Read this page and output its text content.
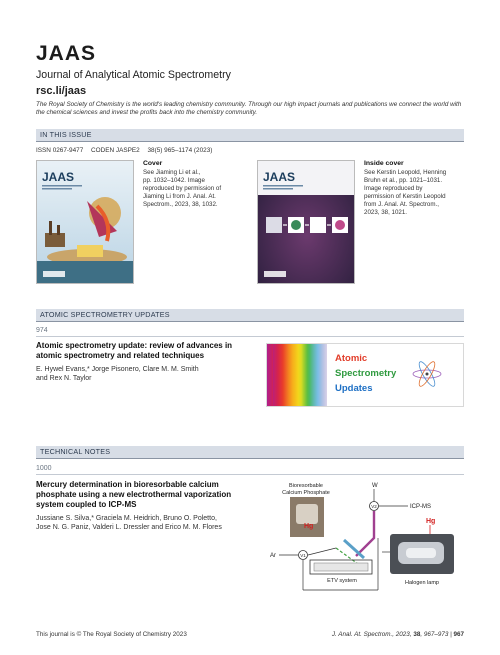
JAAS
Journal of Analytical Atomic Spectrometry
rsc.li/jaas
The Royal Society of Chemistry is the world's leading chemistry community. Through our high impact journals and publications we connect the world with the chemical sciences and invest the profits back into the chemistry community.
IN THIS ISSUE
ISSN 0267-9477 CODEN JASPE2 38(5) 965–1174 (2023)
JAAS
Cover
See Jiaming Li et al.,
pp. 1032–1042. Image
reproduced by permission of
Jiaming Li from J. Anal. At.
Spectrom., 2023, 38, 1032.
JAAS
Inside cover
See Kerstin Leopold, Henning
Bruhn et al., pp. 1021–1031.
Image reproduced by
permission of Kerstin Leopold
from J. Anal. At. Spectrom.,
2023, 38, 1021.
ATOMIC SPECTROMETRY UPDATES
974
Atomic spectrometry update: review of advances in
atomic spectrometry and related techniques
E. Hywel Evans,* Jorge Pisonero, Clare M. M. Smith
and Rex N. Taylor
Atomic
Spectrometry
Updates
TECHNICAL NOTES
1000
Mercury determination in bioresorbable calcium
phosphate using a new electrothermal vaporization
system coupled to ICP-MS
Jussiane S. Silva,* Graciela M. Heidrich, Bruno O. Poletto,
Jose N. G. Paniz, Valderi L. Dressler and Erico M. M. Flores
Bioresorbable
Calcium Phosphate
Hg
W
V2	ICP-MS
Hg
ETV system
Ar	V1
Halogen lamp
This journal is © The Royal Society of Chemistry 2023	J. Anal. At. Spectrom., 2023, 38, 967–973 | 967
